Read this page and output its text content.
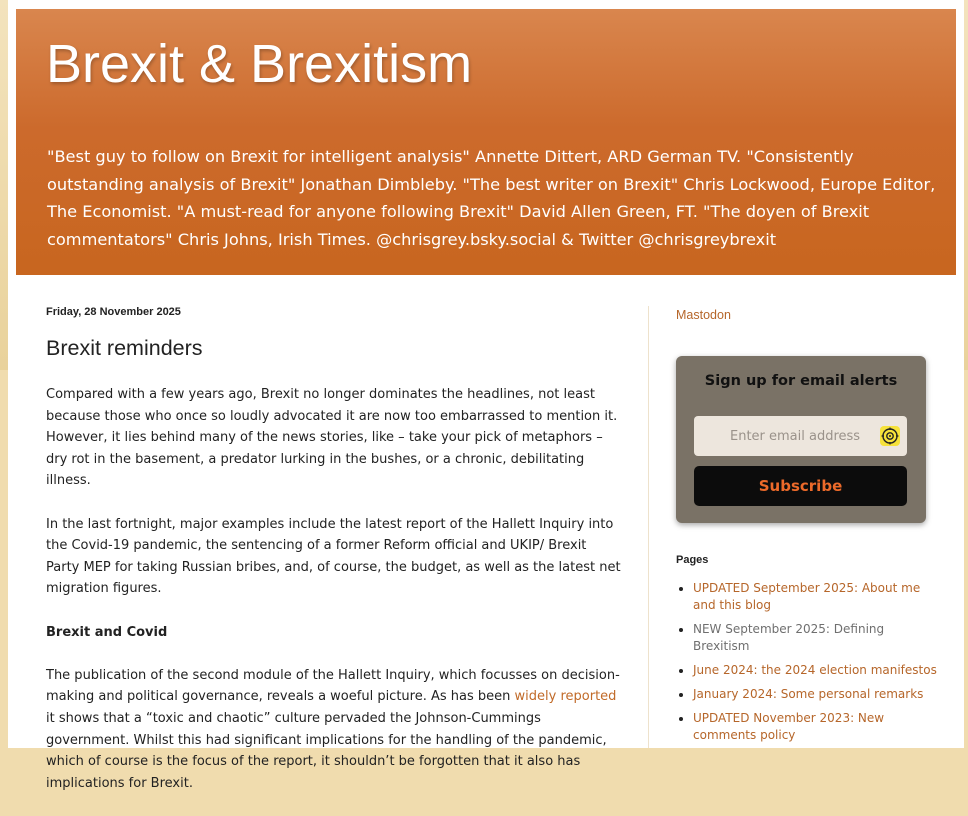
Brexit & Brexitism

"Best guy to follow on Brexit for intelligent analysis" Annette Dittert, ARD German TV. "Consistently outstanding analysis of Brexit" Jonathan Dimbleby. "The best writer on Brexit" Chris Lockwood, Europe Editor, The Economist. "A must-read for anyone following Brexit" David Allen Green, FT. "The doyen of Brexit commentators" Chris Johns, Irish Times. @chrisgrey.bsky.social & Twitter @chrisgreybrexit

Friday, 28 November 2025
Brexit reminders

Compared with a few years ago, Brexit no longer dominates the headlines, not least because those who once so loudly advocated it are now too embarrassed to mention it. However, it lies behind many of the news stories, like – take your pick of metaphors – dry rot in the basement, a predator lurking in the bushes, or a chronic, debilitating illness.

In the last fortnight, major examples include the latest report of the Hallett Inquiry into the Covid-19 pandemic, the sentencing of a former Reform official and UKIP/ Brexit Party MEP for taking Russian bribes, and, of course, the budget, as well as the latest net migration figures.

Brexit and Covid

The publication of the second module of the Hallett Inquiry, which focusses on decision-making and political governance, reveals a woeful picture. As has been widely reported it shows that a “toxic and chaotic” culture pervaded the Johnson-Cummings government. Whilst this had significant implications for the handling of the pandemic, which of course is the focus of the report, it shouldn’t be forgotten that it also has implications for Brexit.

Mastodon
Sign up for email alerts
Enter email address
Subscribe
Pages
• UPDATED September 2025: About me and this blog
• NEW September 2025: Defining Brexitism
• June 2024: the 2024 election manifestos
• January 2024: Some personal remarks
• UPDATED November 2023: New comments policy
